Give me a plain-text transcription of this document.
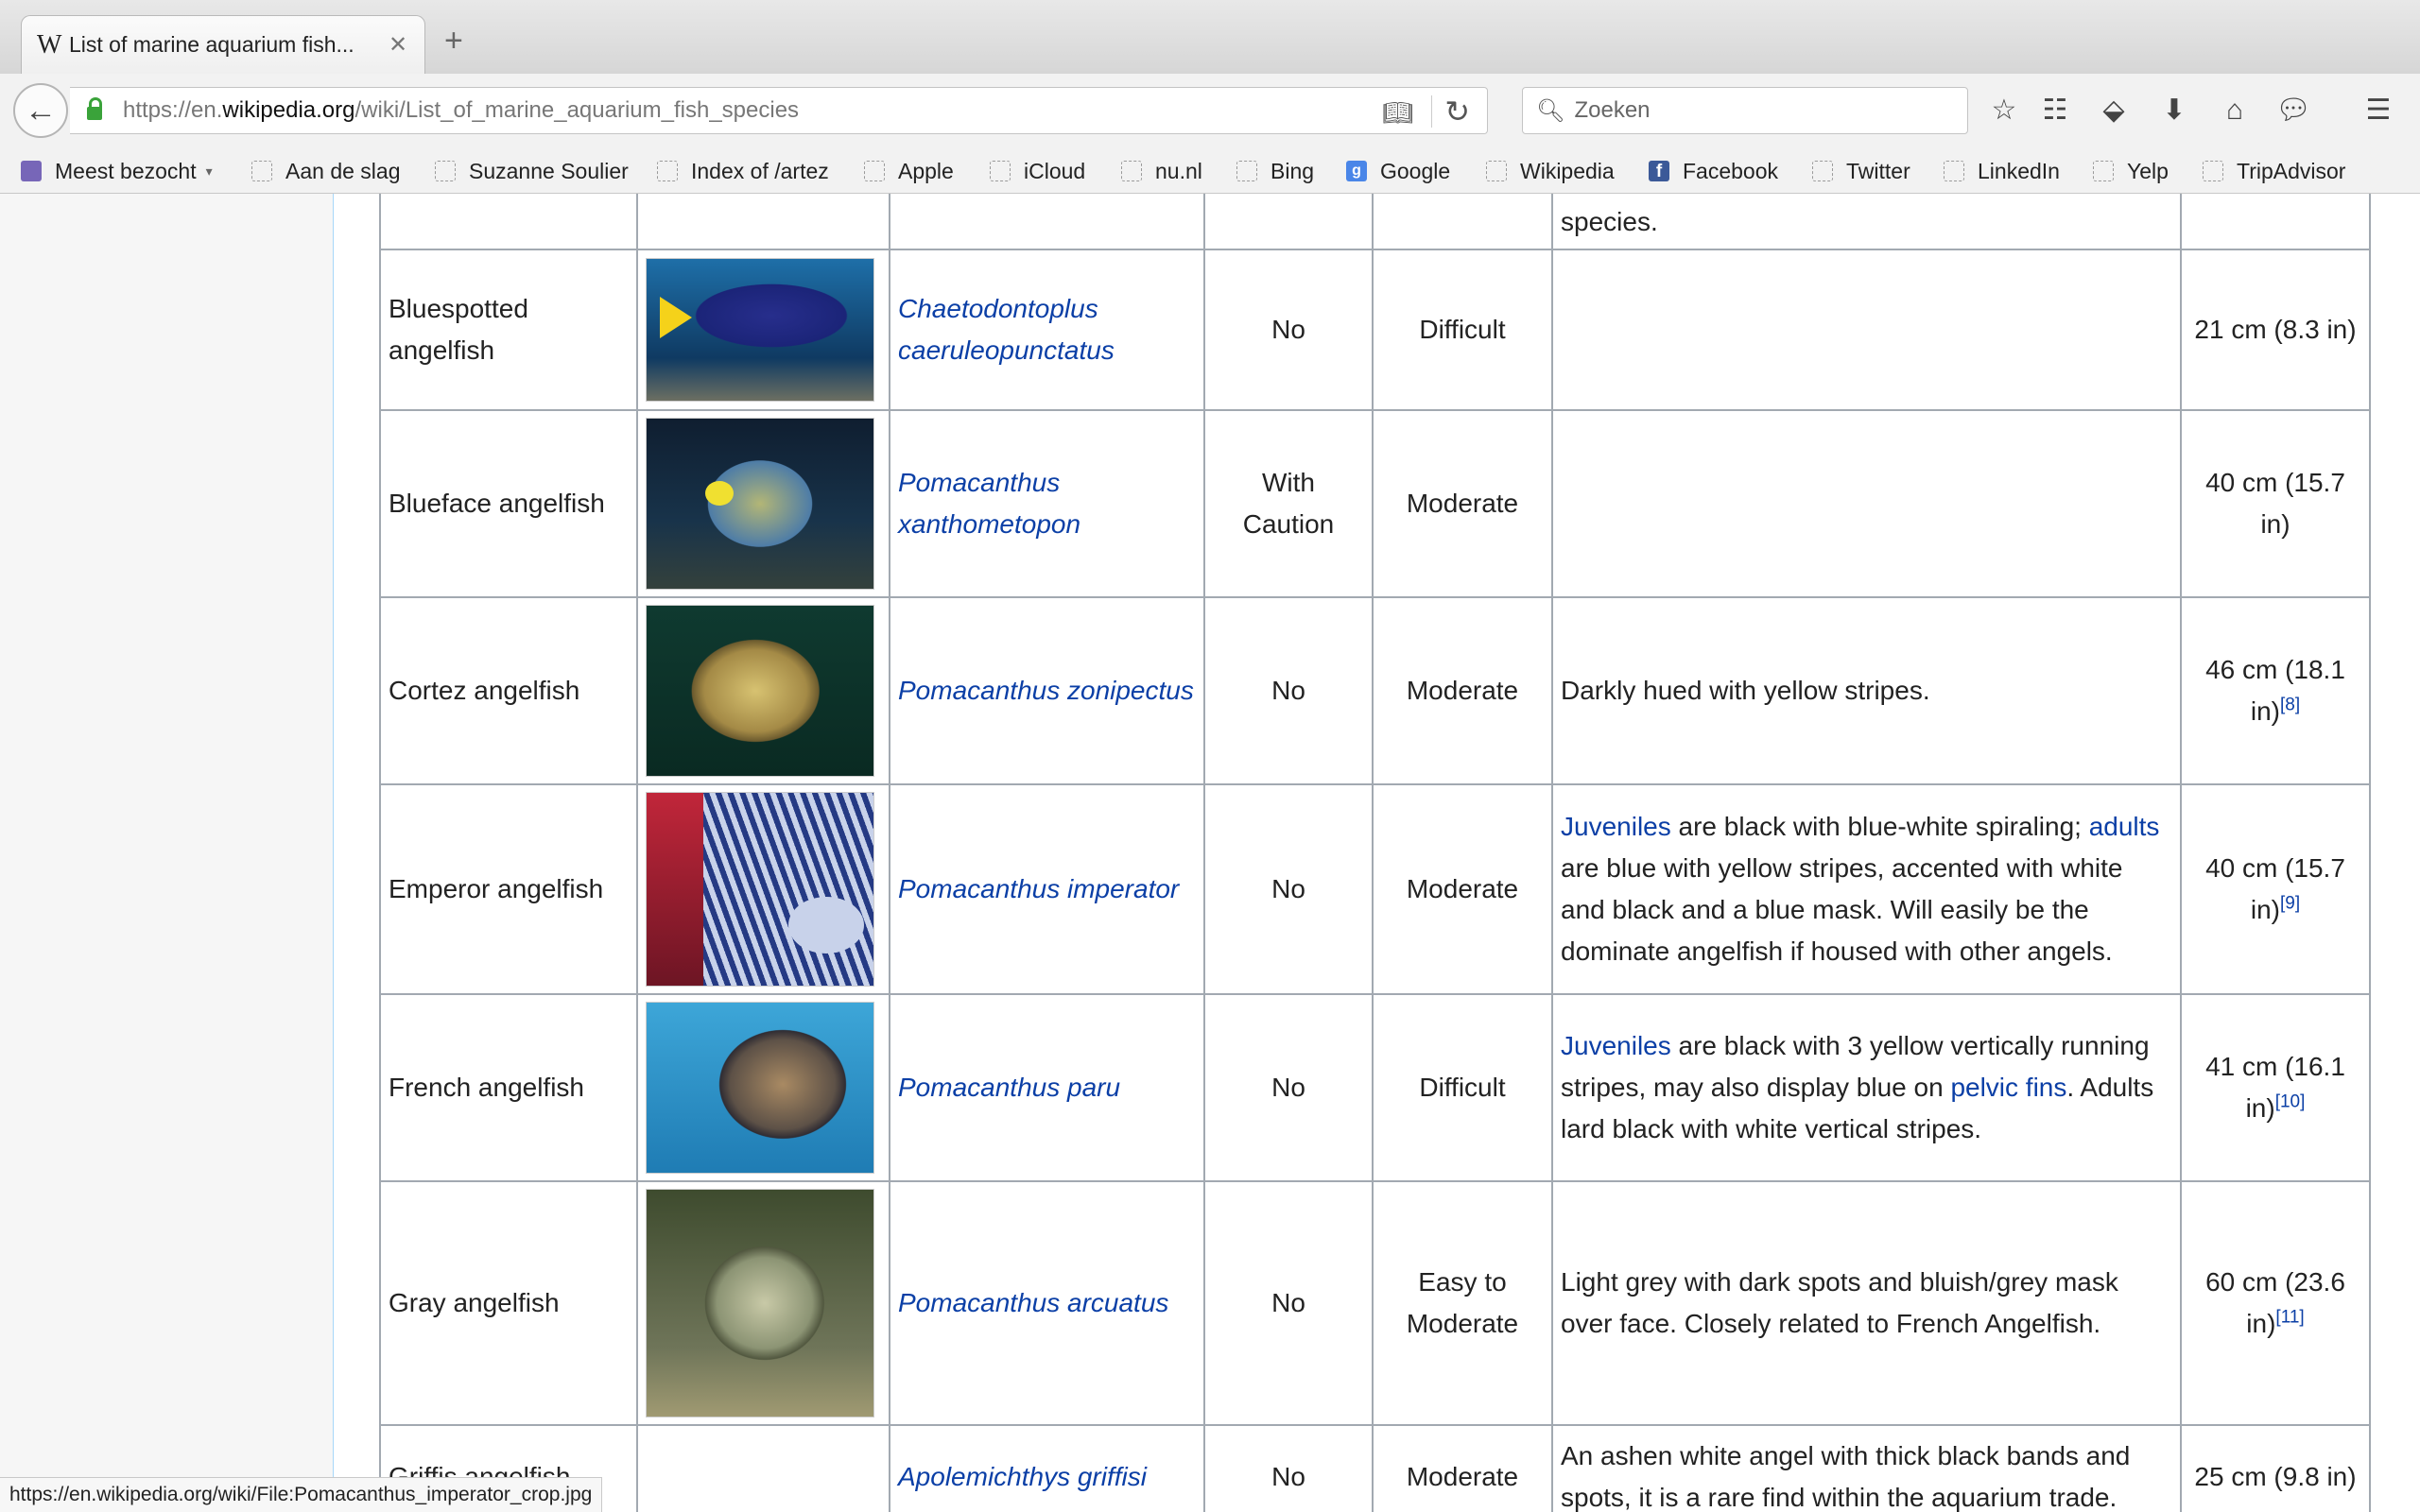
W List of marine aquarium fish...	✕ +
←	https://en.wikipedia.org/wiki/List_of_marine_aquarium_fish_species	📖︎ ↻	🔍︎
Zoeken	☆ ☷ ⬙ ⬇	⌂	💬︎ ☰
Meest bezocht ▾	Aan de slag	Suzanne Soulier	Index of /artez	Apple	iCloud	nu.nl	Bing	g Google	Wikipedia	f Facebook	Twitter	LinkedIn	Yelp	TripAdvisor
					species.	
Bluespotted angelfish		Chaetodontoplus caeruleopunctatus	No	Difficult		21 cm (8.3 in)
Blueface angelfish		Pomacanthus xanthometopon	With Caution	Moderate		40 cm (15.7 in)
Cortez angelfish		Pomacanthus zonipectus	No	Moderate	Darkly hued with yellow stripes.	46 cm (18.1 in)[8]
Emperor angelfish		Pomacanthus imperator	No	Moderate	Juveniles are black with blue-white spiraling; adults are blue with yellow stripes, accented with white and black and a blue mask. Will easily be the dominate angelfish if housed with other angels.	40 cm (15.7 in)[9]
French angelfish		Pomacanthus paru	No	Difficult	Juveniles are black with 3 yellow vertically running stripes, may also display blue on pelvic fins. Adults lard black with white vertical stripes.	41 cm (16.1 in)[10]
Gray angelfish		Pomacanthus arcuatus	No	Easy to Moderate	Light grey with dark spots and bluish/grey mask over face. Closely related to French Angelfish.	60 cm (23.6 in)[11]
		Apolemichthys griffisi	No	Moderate	An ashen white angel with thick black bands and spots, it is a rare find within the aquarium trade.	25 cm (9.8 in)
https://en.wikipedia.org/wiki/File:Pomacanthus_imperator_crop.jpg
